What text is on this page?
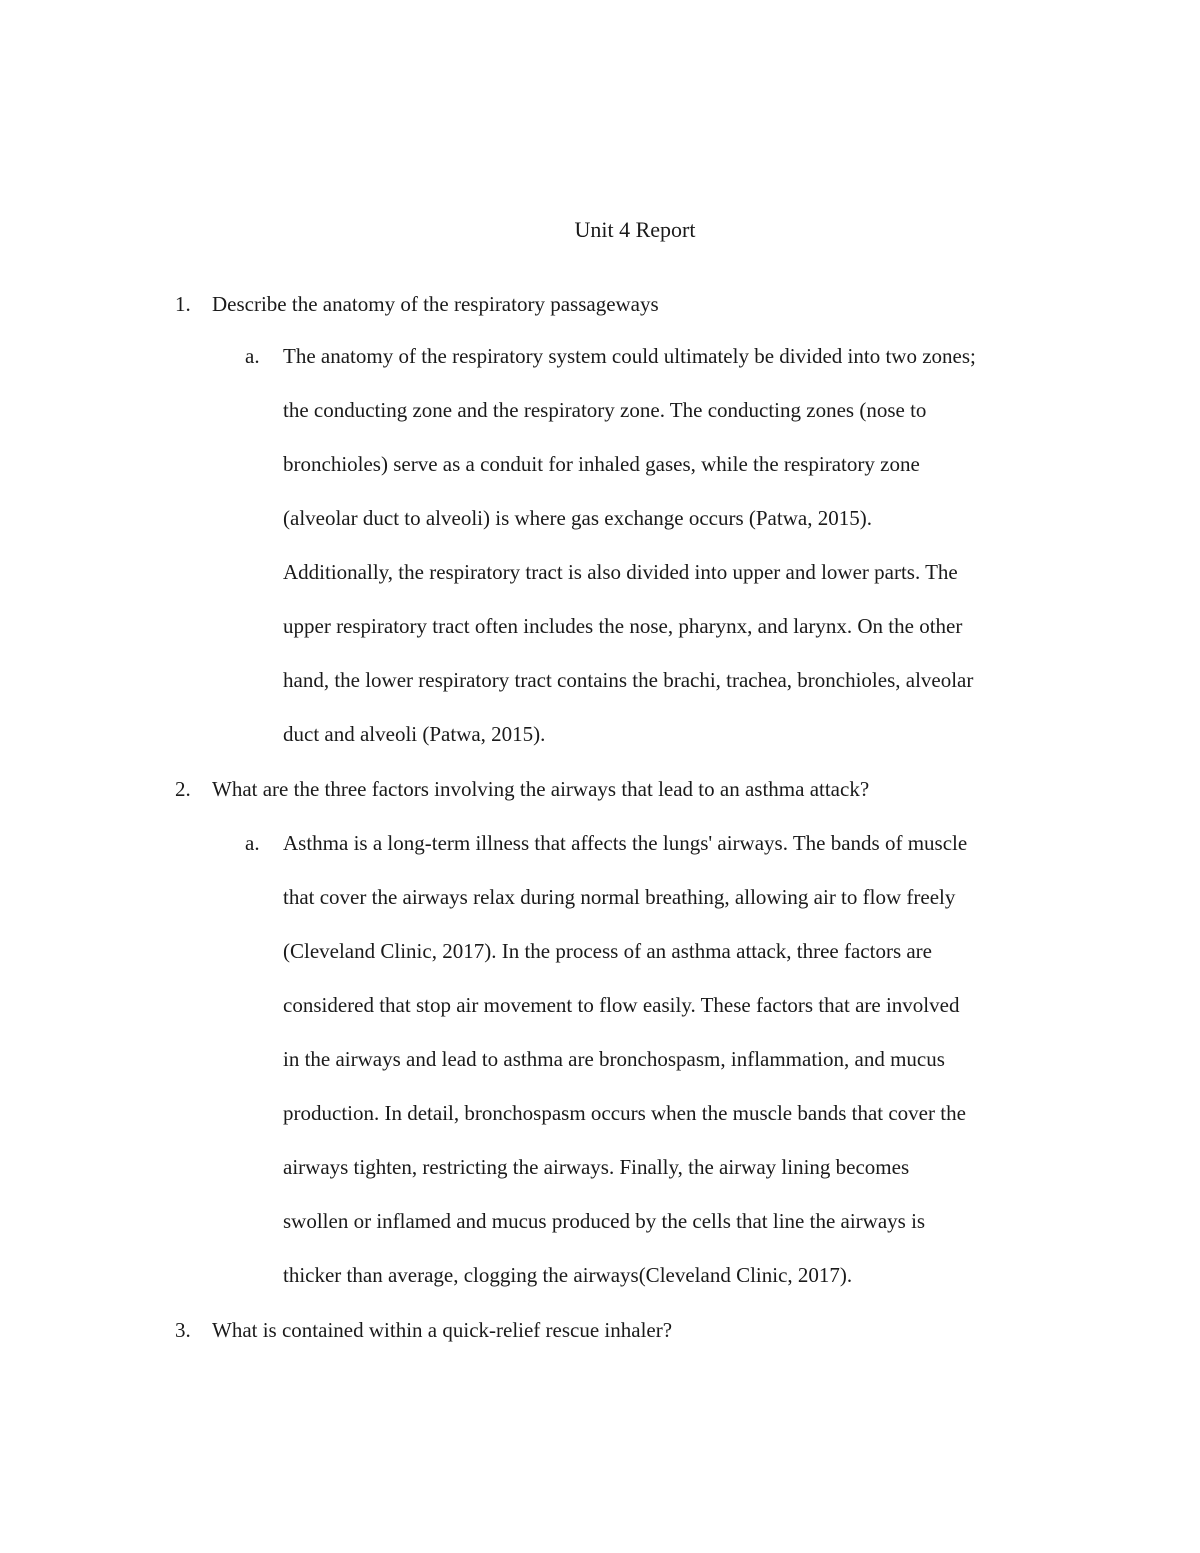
Unit 4 Report
1. Describe the anatomy of the respiratory passageways
a. The anatomy of the respiratory system could ultimately be divided into two zones;
the conducting zone and the respiratory zone. The conducting zones (nose to
bronchioles) serve as a conduit for inhaled gases, while the respiratory zone
(alveolar duct to alveoli) is where gas exchange occurs (Patwa, 2015).
Additionally, the respiratory tract is also divided into upper and lower parts. The
upper respiratory tract often includes the nose, pharynx, and larynx. On the other
hand, the lower respiratory tract contains the brachi, trachea, bronchioles, alveolar
duct and alveoli (Patwa, 2015).
2. What are the three factors involving the airways that lead to an asthma attack?
a. Asthma is a long-term illness that affects the lungs' airways. The bands of muscle
that cover the airways relax during normal breathing, allowing air to flow freely
(Cleveland Clinic, 2017). In the process of an asthma attack, three factors are
considered that stop air movement to flow easily. These factors that are involved
in the airways and lead to asthma are bronchospasm, inflammation, and mucus
production. In detail, bronchospasm occurs when the muscle bands that cover the
airways tighten, restricting the airways. Finally, the airway lining becomes
swollen or inflamed and mucus produced by the cells that line the airways is
thicker than average, clogging the airways(Cleveland Clinic, 2017).
3. What is contained within a quick-relief rescue inhaler?
